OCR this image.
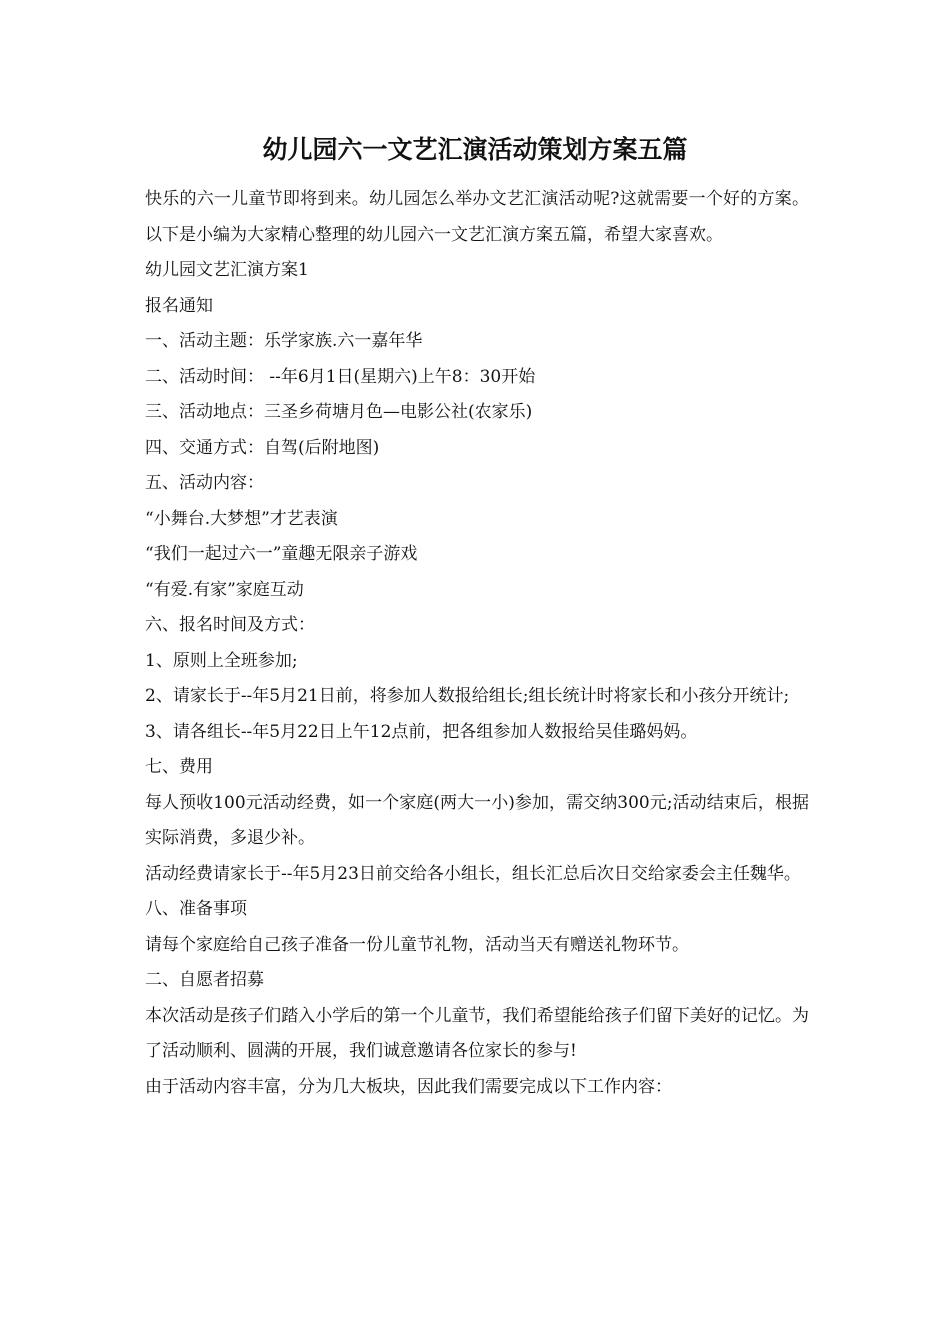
幼儿园六一文艺汇演活动策划方案五篇

快乐的六一儿童节即将到来。幼儿园怎么举办文艺汇演活动呢?这就需要一个好的方案。以下是小编为大家精心整理的幼儿园六一文艺汇演方案五篇，希望大家喜欢。

幼儿园文艺汇演方案1

报名通知

一、活动主题：乐学家族.六一嘉年华

二、活动时间： --年6月1日(星期六)上午8：30开始

三、活动地点：三圣乡荷塘月色—电影公社(农家乐)

四、交通方式：自驾(后附地图)

五、活动内容：

“小舞台.大梦想”才艺表演

“我们一起过六一”童趣无限亲子游戏

“有爱.有家”家庭互动

六、报名时间及方式：

1、原则上全班参加;

2、请家长于--年5月21日前，将参加人数报给组长;组长统计时将家长和小孩分开统计;

3、请各组长--年5月22日上午12点前，把各组参加人数报给吴佳璐妈妈。

七、费用

每人预收100元活动经费，如一个家庭(两大一小)参加，需交纳300元;活动结束后，根据实际消费，多退少补。

活动经费请家长于--年5月23日前交给各小组长，组长汇总后次日交给家委会主任魏华。

八、准备事项

请每个家庭给自己孩子准备一份儿童节礼物，活动当天有赠送礼物环节。

二、自愿者招募

本次活动是孩子们踏入小学后的第一个儿童节，我们希望能给孩子们留下美好的记忆。为了活动顺利、圆满的开展，我们诚意邀请各位家长的参与!

由于活动内容丰富，分为几大板块，因此我们需要完成以下工作内容：
